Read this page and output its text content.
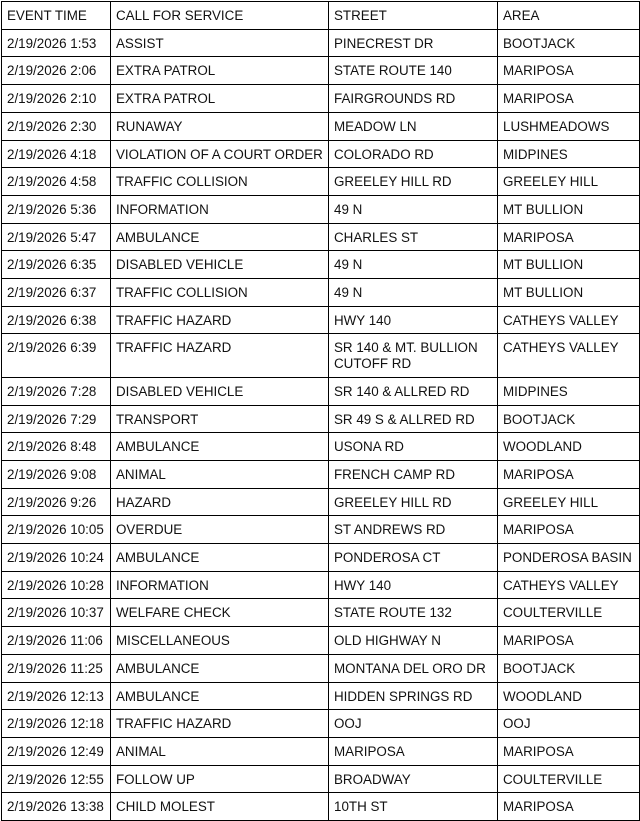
EVENT TIME	CALL FOR SERVICE	STREET	AREA
2/19/2026 1:53	ASSIST	PINECREST DR	BOOTJACK
2/19/2026 2:06	EXTRA PATROL	STATE ROUTE 140	MARIPOSA
2/19/2026 2:10	EXTRA PATROL	FAIRGROUNDS RD	MARIPOSA
2/19/2026 2:30	RUNAWAY	MEADOW LN	LUSHMEADOWS
2/19/2026 4:18	VIOLATION OF A COURT ORDER	COLORADO RD	MIDPINES
2/19/2026 4:58	TRAFFIC COLLISION	GREELEY HILL RD	GREELEY HILL
2/19/2026 5:36	INFORMATION	49 N	MT BULLION
2/19/2026 5:47	AMBULANCE	CHARLES ST	MARIPOSA
2/19/2026 6:35	DISABLED VEHICLE	49 N	MT BULLION
2/19/2026 6:37	TRAFFIC COLLISION	49 N	MT BULLION
2/19/2026 6:38	TRAFFIC HAZARD	HWY 140	CATHEYS VALLEY
2/19/2026 6:39	TRAFFIC HAZARD	SR 140 & MT. BULLION CUTOFF RD	CATHEYS VALLEY
2/19/2026 7:28	DISABLED VEHICLE	SR 140 & ALLRED RD	MIDPINES
2/19/2026 7:29	TRANSPORT	SR 49 S & ALLRED RD	BOOTJACK
2/19/2026 8:48	AMBULANCE	USONA RD	WOODLAND
2/19/2026 9:08	ANIMAL	FRENCH CAMP RD	MARIPOSA
2/19/2026 9:26	HAZARD	GREELEY HILL RD	GREELEY HILL
2/19/2026 10:05	OVERDUE	ST ANDREWS RD	MARIPOSA
2/19/2026 10:24	AMBULANCE	PONDEROSA CT	PONDEROSA BASIN
2/19/2026 10:28	INFORMATION	HWY 140	CATHEYS VALLEY
2/19/2026 10:37	WELFARE CHECK	STATE ROUTE 132	COULTERVILLE
2/19/2026 11:06	MISCELLANEOUS	OLD HIGHWAY N	MARIPOSA
2/19/2026 11:25	AMBULANCE	MONTANA DEL ORO DR	BOOTJACK
2/19/2026 12:13	AMBULANCE	HIDDEN SPRINGS RD	WOODLAND
2/19/2026 12:18	TRAFFIC HAZARD	OOJ	OOJ
2/19/2026 12:49	ANIMAL	MARIPOSA	MARIPOSA
2/19/2026 12:55	FOLLOW UP	BROADWAY	COULTERVILLE
2/19/2026 13:38	CHILD MOLEST	10TH ST	MARIPOSA
